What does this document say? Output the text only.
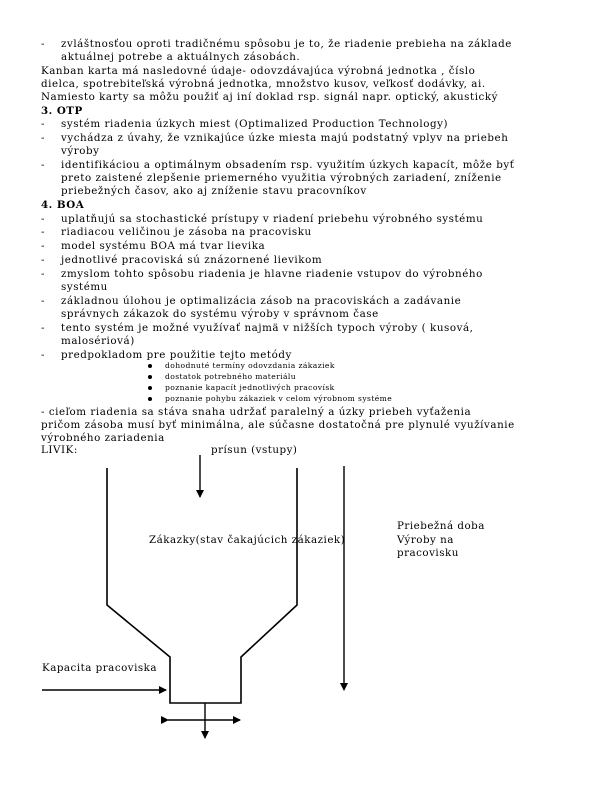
- zvláštnosťou oproti tradičnému spôsobu je to, že riadenie prebieha na základe
aktuálnej potrebe a aktuálnych zásobách.
Kanban karta má nasledovné údaje- odovzdávajúca výrobná jednotka , číslo
dielca, spotrebiteľská výrobná jednotka, množstvo kusov, veľkosť dodávky, ai.
Namiesto karty sa môžu použiť aj iní doklad rsp. signál napr. optický, akustický
3. OTP
- systém riadenia úzkych miest (Optimalized Production Technology)
- vychádza z úvahy, že vznikajúce úzke miesta majú podstatný vplyv na priebeh
výroby
- identifikáciou a optimálnym obsadením rsp. využitím úzkych kapacít, môže byť
preto zaistené zlepšenie priemerného využitia výrobných zariadení, zníženie
priebežných časov, ako aj zníženie stavu pracovníkov
4. BOA
- uplatňujú sa stochastické prístupy v riadení priebehu výrobného systému
- riadiacou veličinou je zásoba na pracovisku
- model systému BOA má tvar lievika
- jednotlivé pracoviská sú znázornené lievikom
- zmyslom tohto spôsobu riadenia je hlavne riadenie vstupov do výrobného
systému
- základnou úlohou je optimalizácia zásob na pracoviskách a zadávanie
správnych zákazok do systému výroby v správnom čase
- tento systém je možné využívať najmä v nižších typoch výroby ( kusová,
malosériová)
- predpokladom pre použitie tejto metódy
dohodnuté termíny odovzdania zákaziek
dostatok potrebného materiálu
poznanie kapacít jednotlivých pracovísk
poznanie pohybu zákaziek v celom výrobnom systéme
- cieľom riadenia sa stáva snaha udržať paralelný a úzky priebeh vyťaženia
pričom zásoba musí byť minimálna, ale súčasne dostatočná pre plynulé využívanie
výrobného zariadenia
LIVIK:	prísun (vstupy)
Zákazky(stav čakajúcich zákaziek)
Priebežná doba
Výroby na
pracovisku
Kapacita pracoviska
